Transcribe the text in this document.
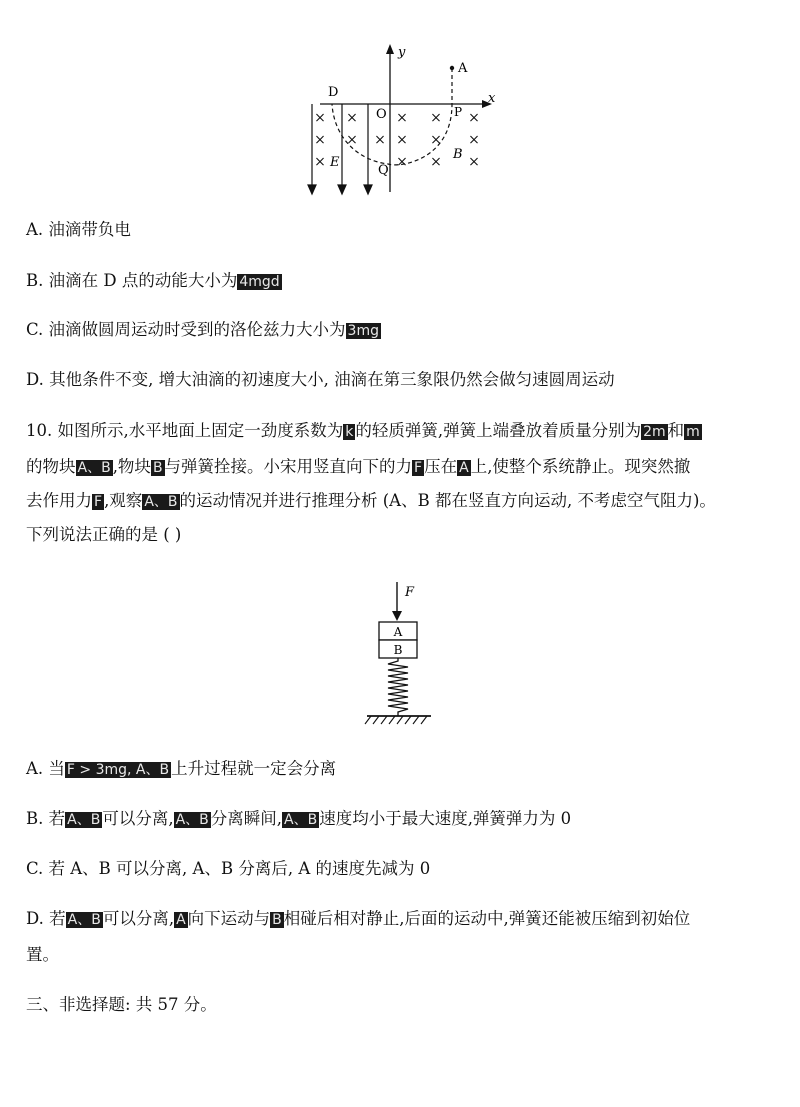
×
×
×
×
× ×
×
×
×
×
×
×
×
×
×
y
x
A
D
O	P
E
Q
B
A. 油滴带负电
B. 油滴在 D 点的动能大小为 4mgd
C. 油滴做圆周运动时受到的洛伦兹力大小为 3mg
D. 其他条件不变, 增大油滴的初速度大小, 油滴在第三象限仍然会做匀速圆周运动
10. 如图所示,水平地面上固定一劲度系数为 k 的轻质弹簧,弹簧上端叠放着质量分别为 2m 和 m
的物块 A、B ,物块 B 与弹簧拴接。小宋用竖直向下的力 F 压在 A 上,使整个系统静止。现突然撤
去作用力 F ,观察 A、B 的运动情况并进行推理分析 (A、B 都在竖直方向运动, 不考虑空气阻力)。
下列说法正确的是 ( )
F
A
B
A. 当 F > 3mg, A、B 上升过程就一定会分离
B. 若 A、B 可以分离, A、B 分离瞬间, A、B 速度均小于最大速度,弹簧弹力为 0
C. 若 A、B 可以分离, A、B 分离后, A 的速度先减为 0
D. 若 A、B 可以分离, A 向下运动与 B 相碰后相对静止,后面的运动中,弹簧还能被压缩到初始位
置。
三、非选择题: 共 57 分。
